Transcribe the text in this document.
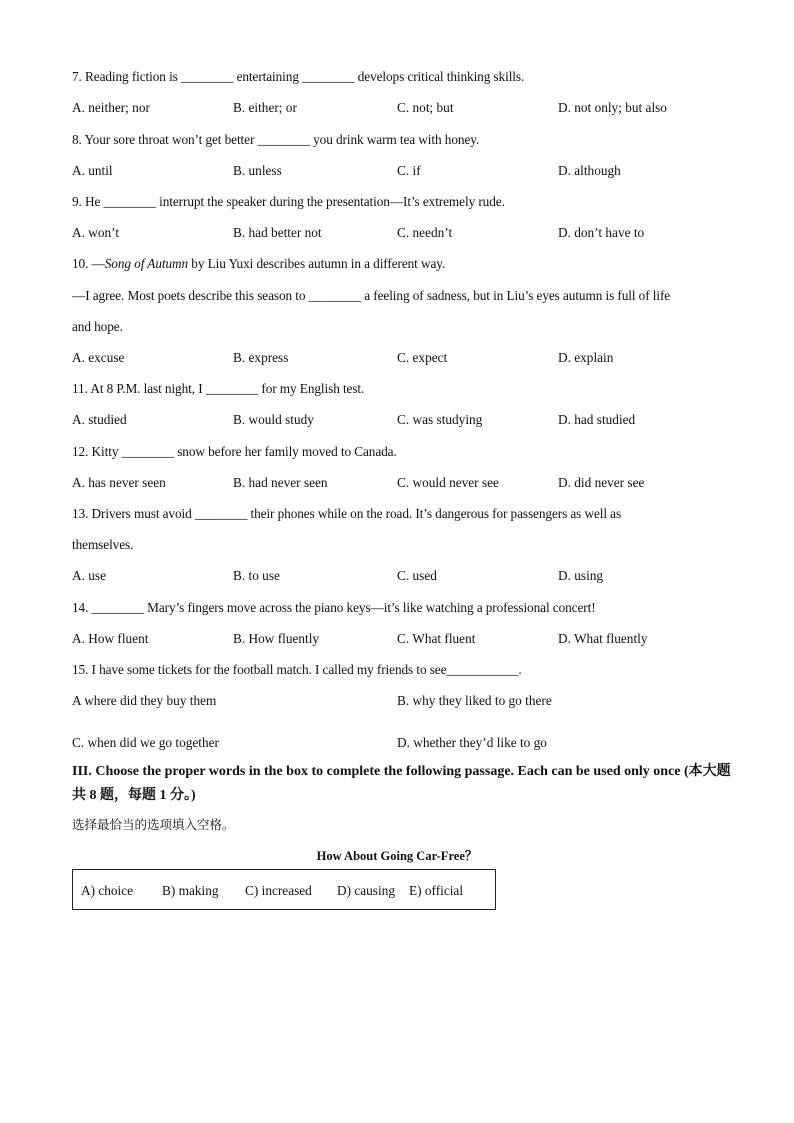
7. Reading fiction is ________ entertaining ________ develops critical thinking skills.
A. neither; nor	B. either; or	C. not; but	D. not only; but also
8. Your sore throat won’t get better ________ you drink warm tea with honey.
A. until	B. unless	C. if	D. although
9. He ________ interrupt the speaker during the presentation—It’s extremely rude.
A. won’t	B. had better not	C. needn’t	D. don’t have to
10. —Song of Autumn by Liu Yuxi describes autumn in a different way.
—I agree. Most poets describe this season to ________ a feeling of sadness, but in Liu’s eyes autumn is full of life
and hope.
A. excuse	B. express	C. expect	D. explain
11. At 8 P.M. last night, I ________ for my English test.
A. studied	B. would study	C. was studying	D. had studied
12. Kitty ________ snow before her family moved to Canada.
A. has never seen	B. had never seen	C. would never see	D. did never see
13. Drivers must avoid ________ their phones while on the road. It’s dangerous for passengers as well as
themselves.
A. use	B. to use	C. used	D. using
14. ________ Mary’s fingers move across the piano keys—it’s like watching a professional concert!
A. How fluent	B. How fluently	C. What fluent	D. What fluently
15. I have some tickets for the football match. I called my friends to see___________.
A where did they buy them	B. why they liked to go there
C. when did we go together	D. whether they’d like to go
III. Choose the proper words in the box to complete the following passage. Each can be used only once (本大题共 8 题，每题 1 分。)
选择最恰当的选项填入空格。
How About Going Car-Free？
A) choice B) making C) increased D) causing E) official
